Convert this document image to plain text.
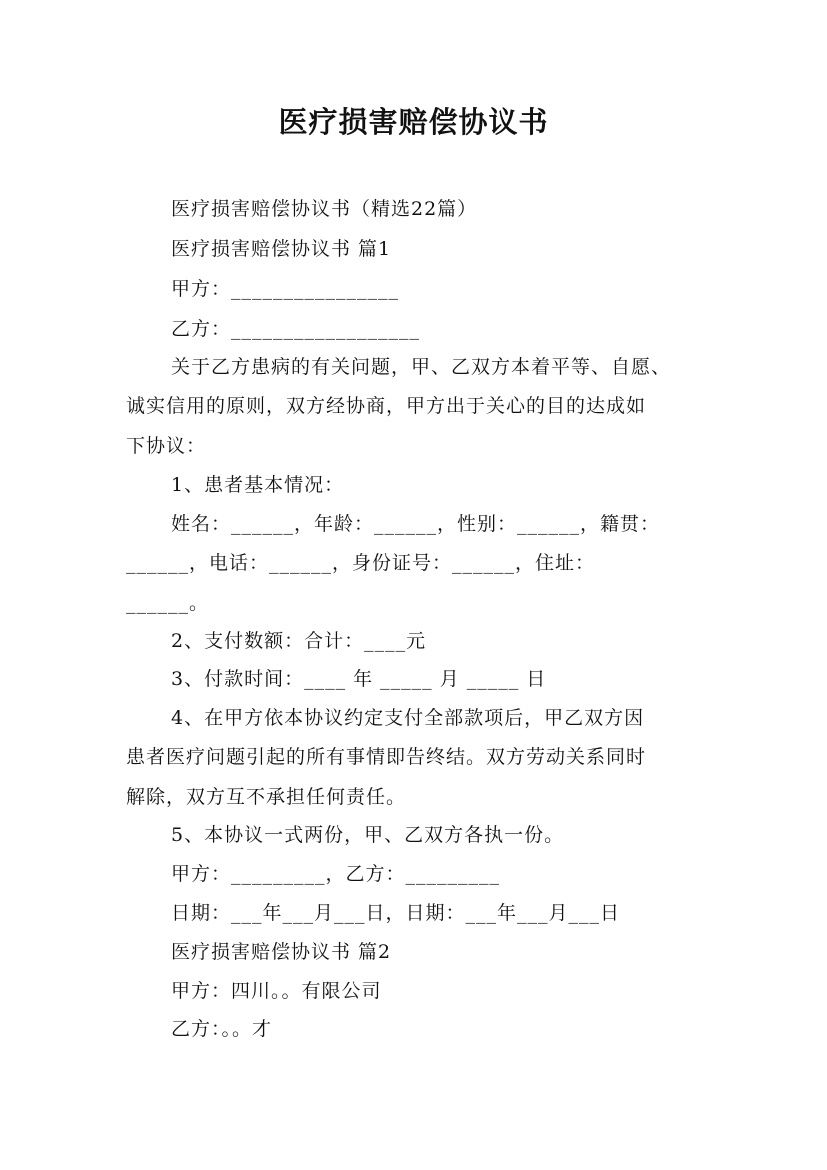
医疗损害赔偿协议书
医疗损害赔偿协议书（精选22篇）
医疗损害赔偿协议书 篇1
甲方：________________
乙方：__________________
关于乙方患病的有关问题，甲、乙双方本着平等、自愿、
诚实信用的原则，双方经协商，甲方出于关心的目的达成如
下协议：
1、患者基本情况：
姓名：______，年龄：______，性别：______，籍贯：
______，电话：______，身份证号：______，住址：
______。
2、支付数额：合计：____元
3、付款时间：____ 年 _____ 月 _____ 日
4、在甲方依本协议约定支付全部款项后，甲乙双方因
患者医疗问题引起的所有事情即告终结。双方劳动关系同时
解除，双方互不承担任何责任。
5、本协议一式两份，甲、乙双方各执一份。
甲方：_________，乙方：_________
日期：___年___月___日，日期：___年___月___日
医疗损害赔偿协议书 篇2
甲方：四川。。有限公司
乙方：。。才
